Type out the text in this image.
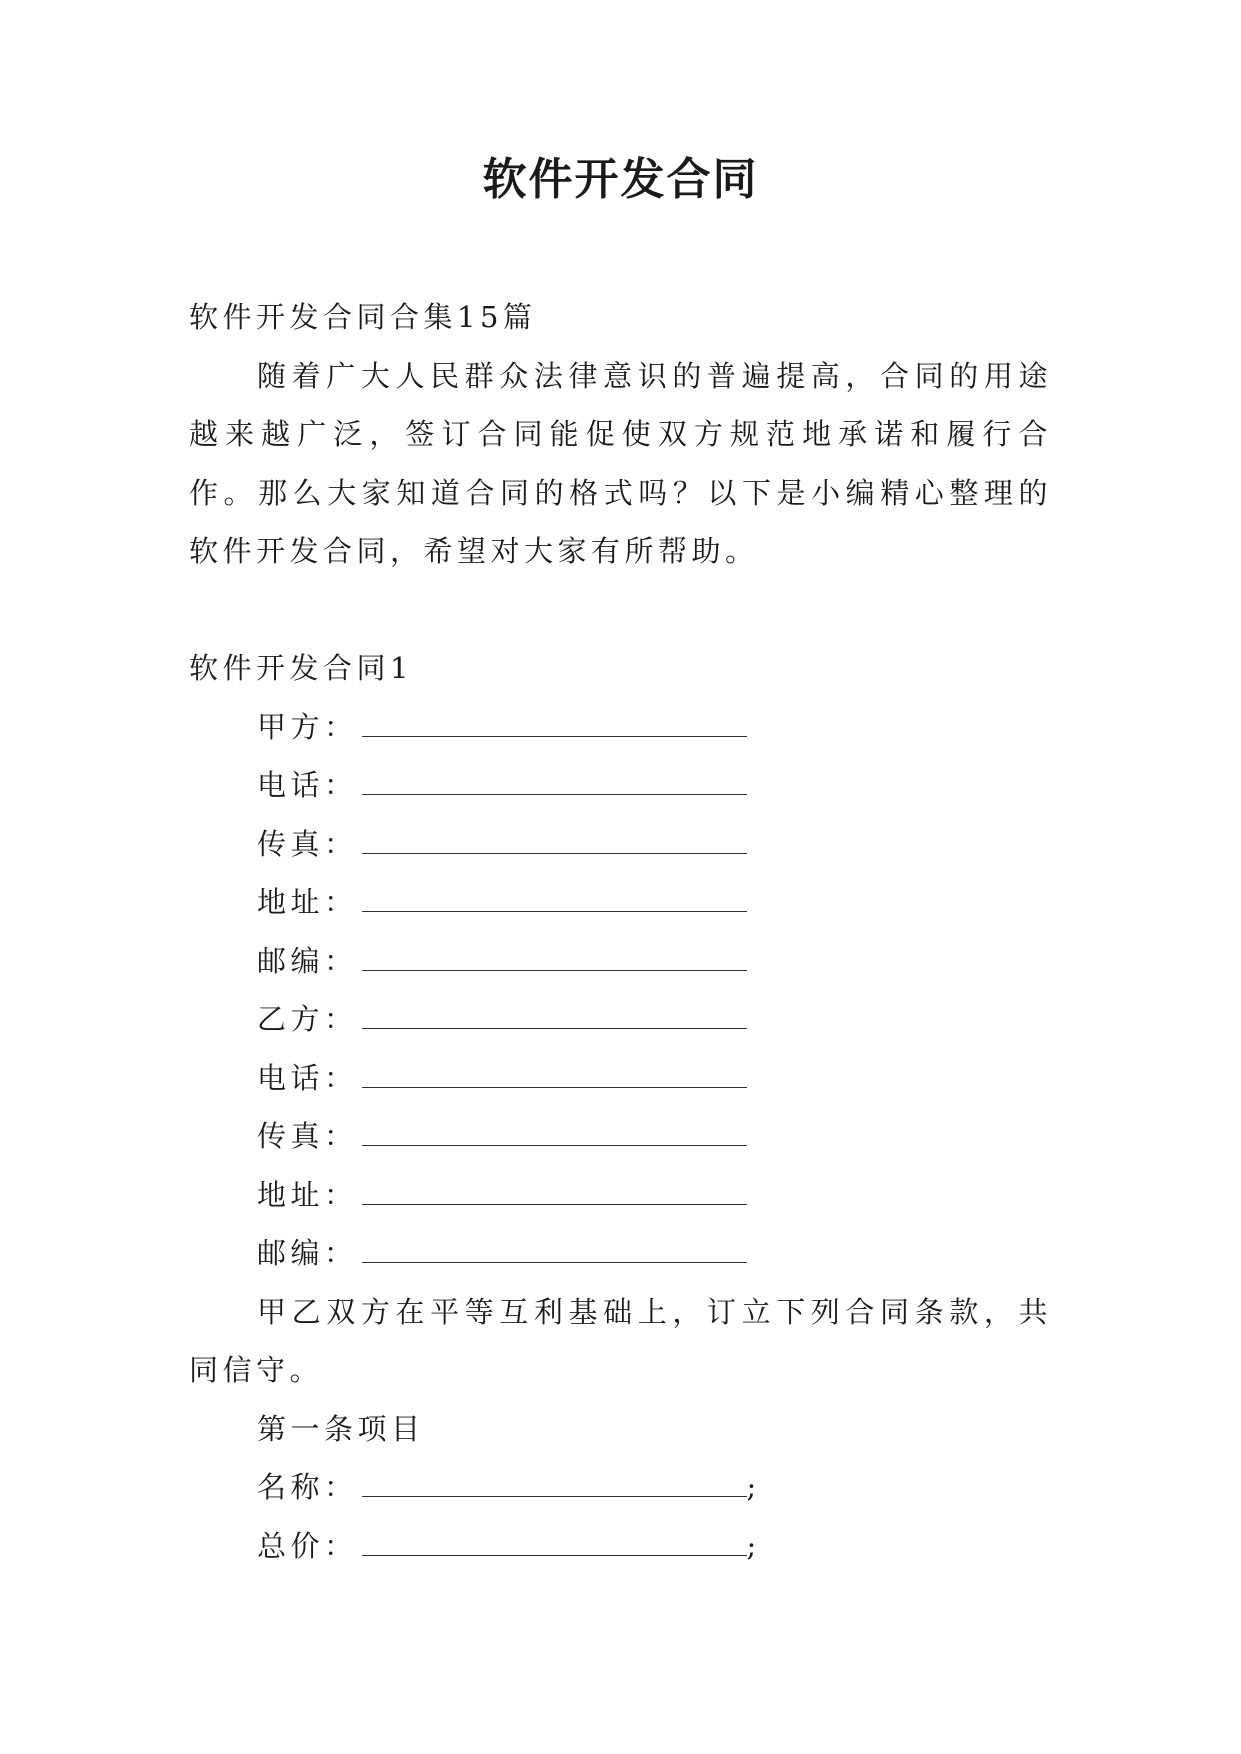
软件开发合同

软件开发合同合集15篇

随着广大人民群众法律意识的普遍提高，合同的用途越来越广泛，签订合同能促使双方规范地承诺和履行合作。那么大家知道合同的格式吗？以下是小编精心整理的软件开发合同，希望对大家有所帮助。

软件开发合同1

甲方：

电话：

传真：

地址：

邮编：

乙方：

电话：

传真：

地址：

邮编：

甲乙双方在平等互利基础上，订立下列合同条款，共同信守。

第一条项目

名称：	;

总价：	;
